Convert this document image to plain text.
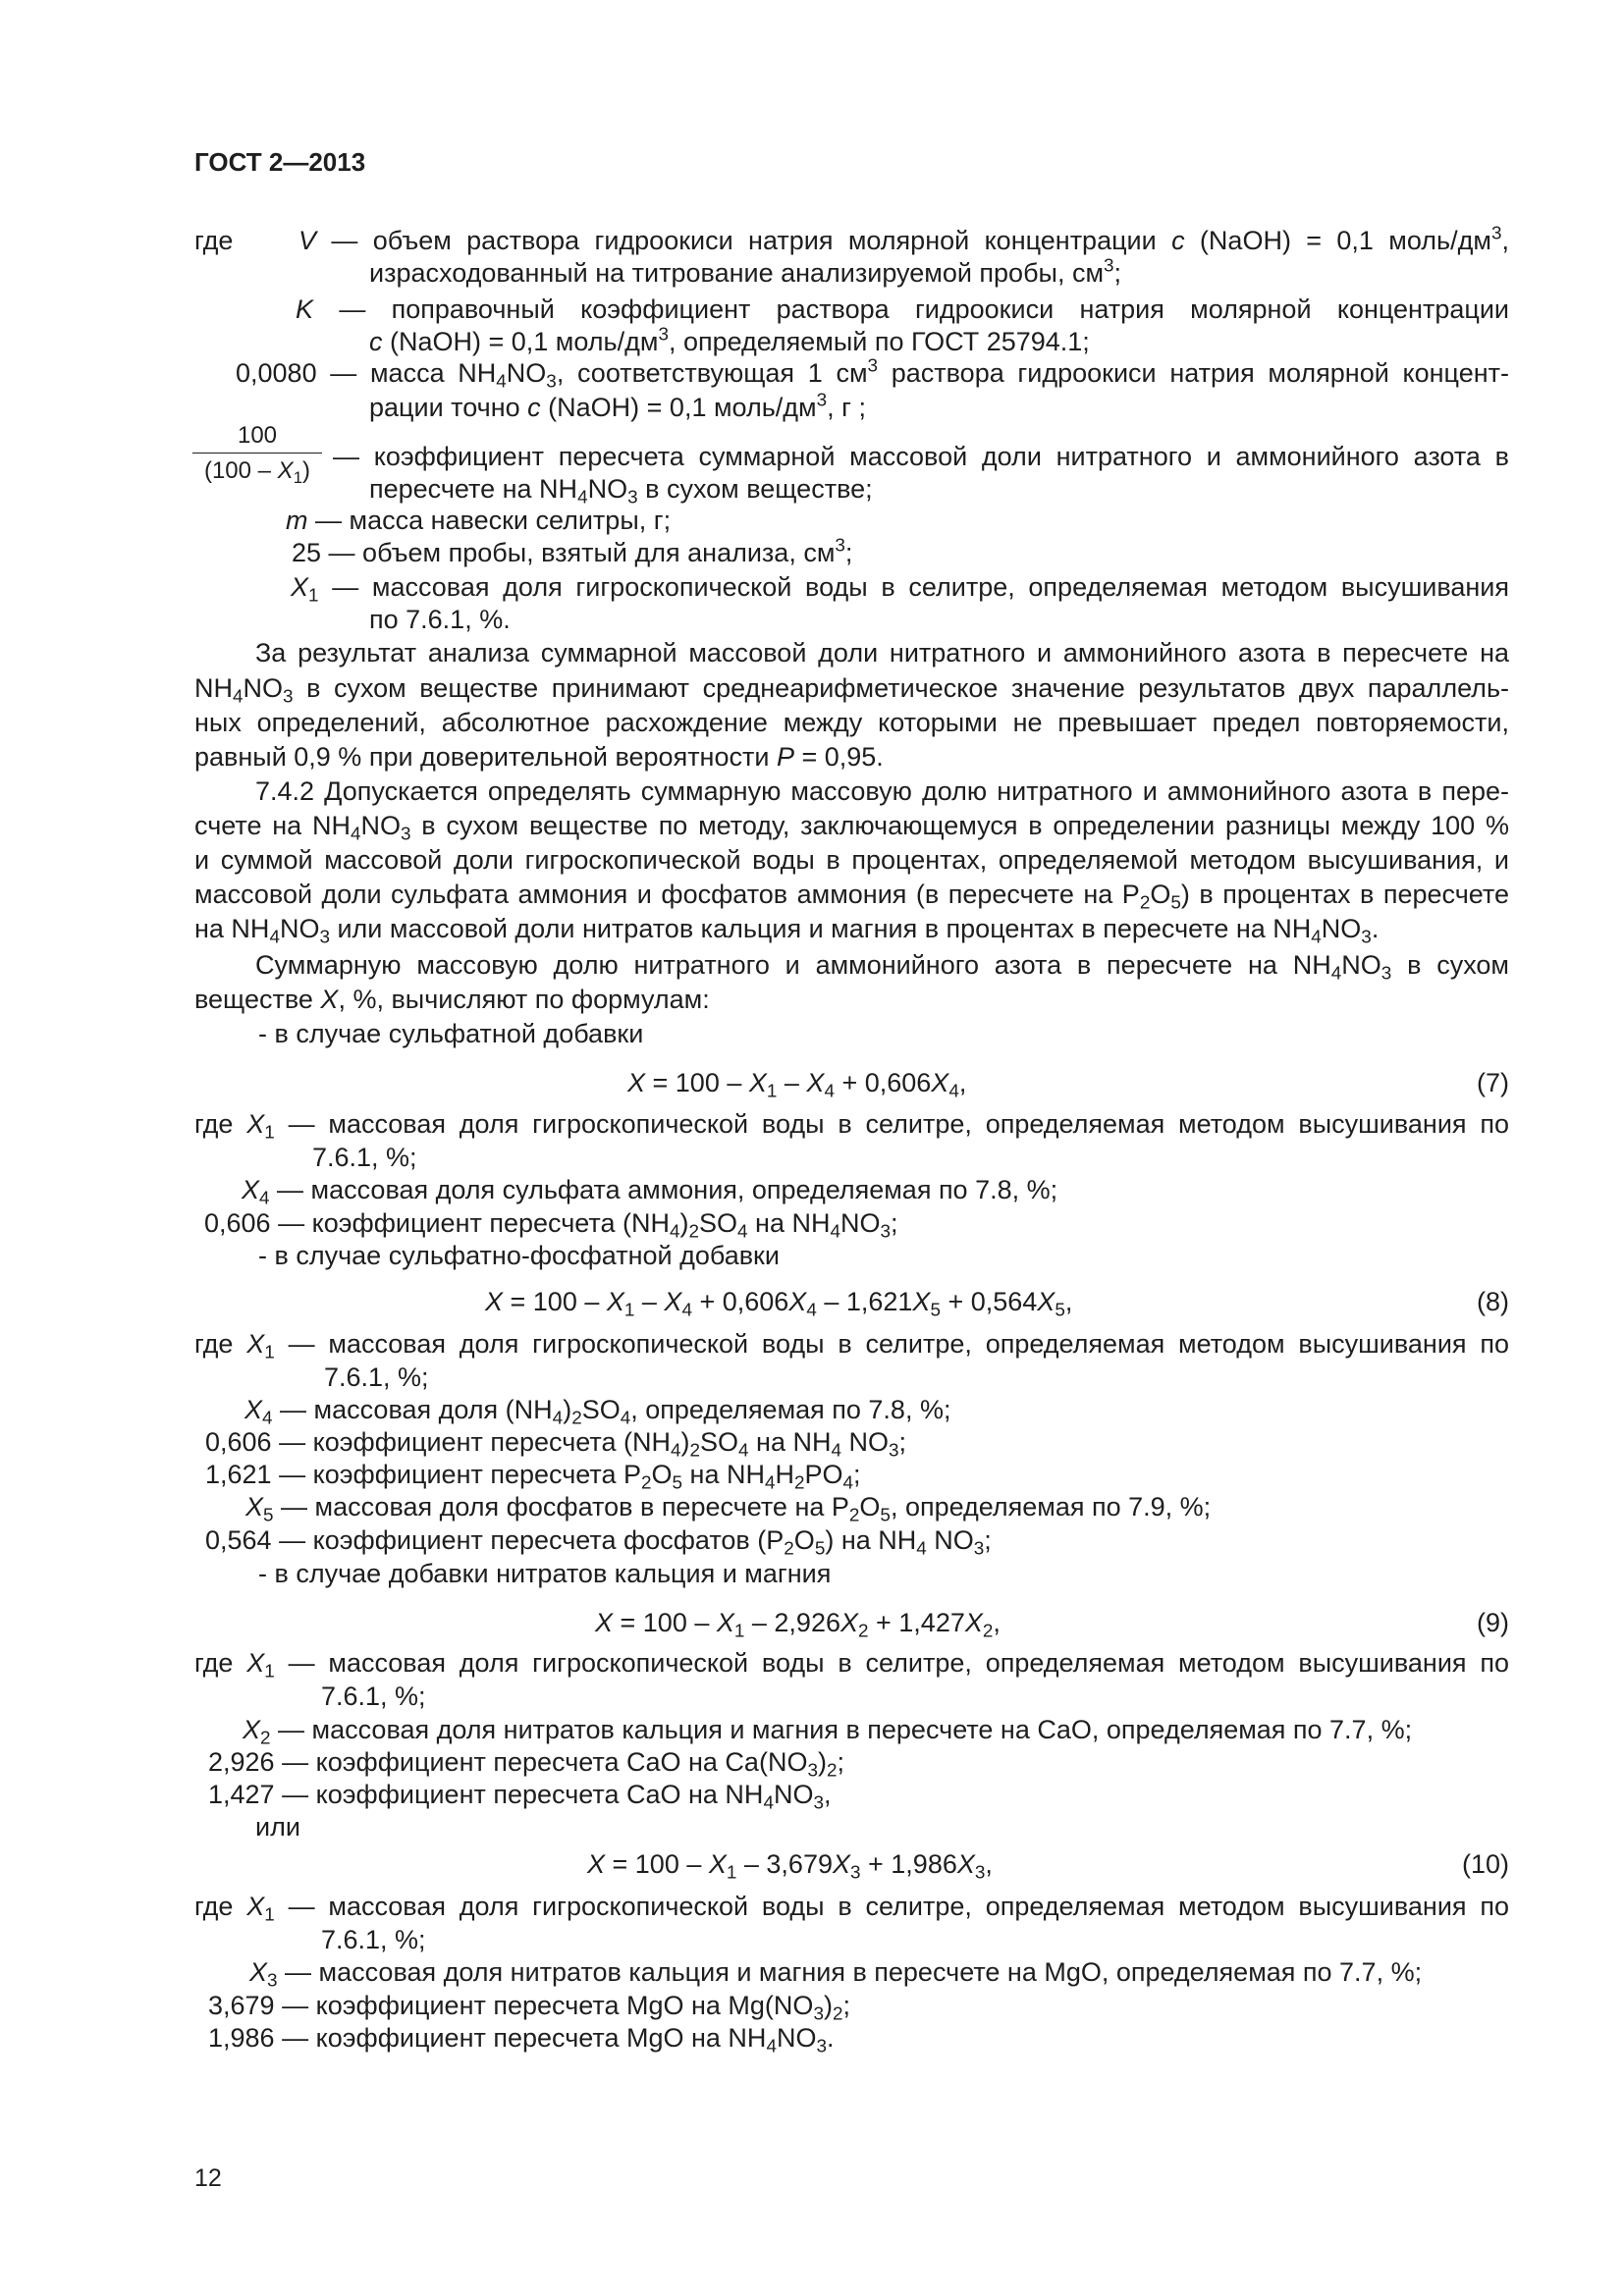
ГОСТ 2—2013
где V — объем раствора гидроокиси натрия молярной концентрации c (NaOH) = 0,1 моль/$дм^3$,
израсходованный на титрование анализируемой пробы, $см^3$;
K — поправочный коэффициент раствора гидроокиси натрия молярной концентрации
c (NaOH) = 0,1 моль/$дм^3$, определяемый по ГОСТ 25794.1;
0,0080 — масса $NH_4NO_3$, соответствующая 1 $см^3$ раствора гидроокиси натрия молярной концент-
рации точно c (NaOH) = 0,1 моль/$дм^3$, г ;
$\frac{100}{(100 - X_1)}$ — коэффициент пересчета суммарной массовой доли нитратного и аммонийного азота в
пересчете на $NH_4NO_3$ в сухом веществе;
m — масса навески селитры, г;
25 — объем пробы, взятый для анализа, $см^3$;
$X_1$ — массовая доля гигроскопической воды в селитре, определяемая методом высушивания
по 7.6.1, %.
За результат анализа суммарной массовой доли нитратного и аммонийного азота в пересчете на
$NH_4NO_3$ в сухом веществе принимают среднеарифметическое значение результатов двух параллель-
ных определений, абсолютное расхождение между которыми не превышает предел повторяемости,
равный 0,9 % при доверительной вероятности P = 0,95.
7.4.2 Допускается определять суммарную массовую долю нитратного и аммонийного азота в пере-
счете на $NH_4NO_3$ в сухом веществе по методу, заключающемуся в определении разницы между 100 %
и суммой массовой доли гигроскопической воды в процентах, определяемой методом высушивания, и
массовой доли сульфата аммония и фосфатов аммония (в пересчете на $P_2O_5$) в процентах в пересчете
на $NH_4NO_3$ или массовой доли нитратов кальция и магния в процентах в пересчете на $NH_4NO_3$.
Суммарную массовую долю нитратного и аммонийного азота в пересчете на $NH_4NO_3$ в сухом
веществе X, %, вычисляют по формулам:
- в случае сульфатной добавки
$X = 100 - X_1 - X_4 + 0,606X_4$,	(7)
где $X_1$ — массовая доля гигроскопической воды в селитре, определяемая методом высушивания по
7.6.1, %;
$X_4$ — массовая доля сульфата аммония, определяемая по 7.8, %;
0,606 — коэффициент пересчета $(NH_4)_2SO_4$ на $NH_4NO_3$;
- в случае сульфатно-фосфатной добавки
$X = 100 - X_1 - X_4 + 0,606X_4 - 1,621X_5 + 0,564X_5$,	(8)
где $X_1$ — массовая доля гигроскопической воды в селитре, определяемая методом высушивания по
7.6.1, %;
$X_4$ — массовая доля $(NH_4)_2SO_4$, определяемая по 7.8, %;
0,606 — коэффициент пересчета $(NH_4)_2SO_4$ на $NH_4$ $NO_3$;
1,621 — коэффициент пересчета $P_2O_5$ на $NH_4H_2PO_4$;
$X_5$ — массовая доля фосфатов в пересчете на $P_2O_5$, определяемая по 7.9, %;
0,564 — коэффициент пересчета фосфатов $(P_2O_5)$ на $NH_4$ $NO_3$;
- в случае добавки нитратов кальция и магния
$X = 100 - X_1 - 2,926X_2 + 1,427X_2$,	(9)
где $X_1$ — массовая доля гигроскопической воды в селитре, определяемая методом высушивания по
7.6.1, %;
$X_2$ — массовая доля нитратов кальция и магния в пересчете на CaO, определяемая по 7.7, %;
2,926 — коэффициент пересчета CaO на $Ca(NO_3)_2$;
1,427 — коэффициент пересчета CaO на $NH_4NO_3$,
или
$X = 100 - X_1 - 3,679X_3 + 1,986X_3$,	(10)
где $X_1$ — массовая доля гигроскопической воды в селитре, определяемая методом высушивания по
7.6.1, %;
$X_3$ — массовая доля нитратов кальция и магния в пересчете на MgO, определяемая по 7.7, %;
3,679 — коэффициент пересчета MgO на $Mg(NO_3)_2$;
1,986 — коэффициент пересчета MgO на $NH_4NO_3$.
12
